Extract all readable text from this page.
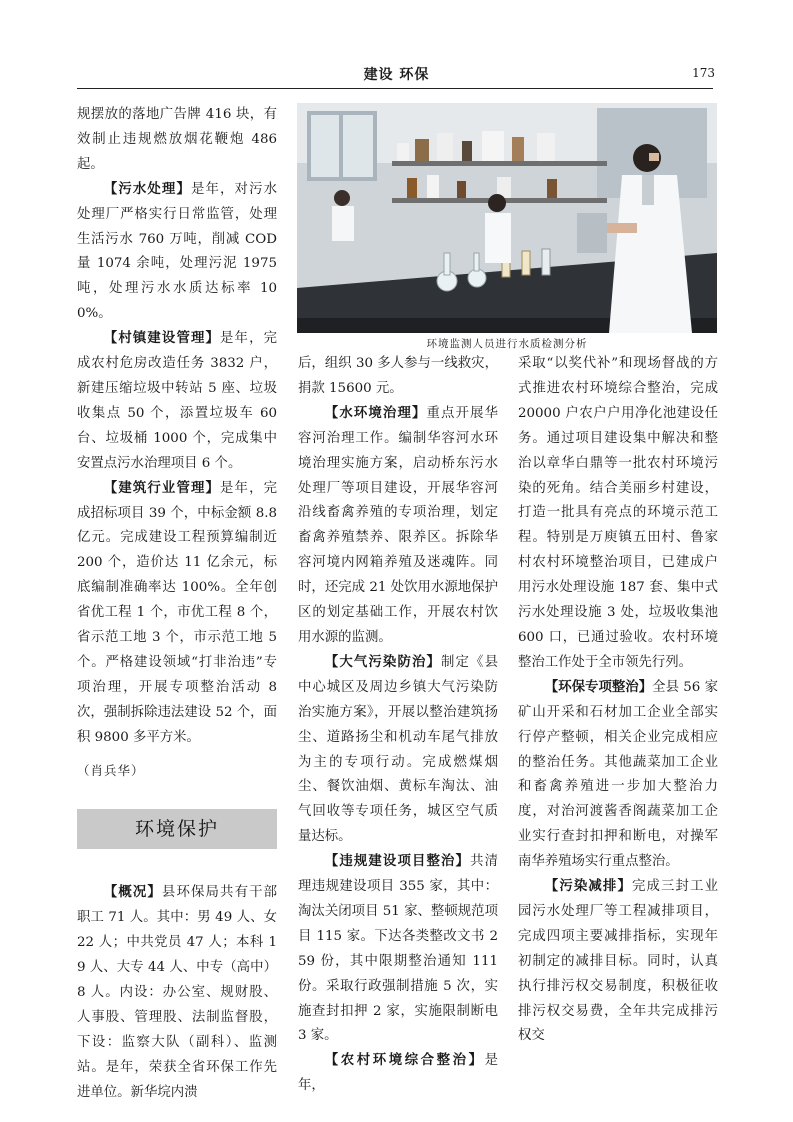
建设 环保	173

规摆放的落地广告牌 416 块，有效制止违规燃放烟花鞭炮 486 起。

【污水处理】是年，对污水处理厂严格实行日常监管，处理生活污水 760 万吨，削减 COD 量 1074 余吨，处理污泥 1975 吨，处理污水水质达标率 100%。

【村镇建设管理】是年，完成农村危房改造任务 3832 户，新建压缩垃圾中转站 5 座、垃圾收集点 50 个，添置垃圾车 60 台、垃圾桶 1000 个，完成集中安置点污水治理项目 6 个。

【建筑行业管理】是年，完成招标项目 39 个，中标金额 8.8 亿元。完成建设工程预算编制近 200 个，造价达 11 亿余元，标底编制准确率达 100%。全年创省优工程 1 个，市优工程 8 个，省示范工地 3 个，市示范工地 5 个。严格建设领域“打非治违”专项治理，开展专项整治活动 8 次，强制拆除违法建设 52 个，面积 9800 多平方米。

（肖兵华）

环境保护

【概况】县环保局共有干部职工 71 人。其中：男 49 人、女 22 人；中共党员 47 人；本科 19 人、大专 44 人、中专（高中）8 人。内设：办公室、规财股、人事股、管理股、法制监督股，下设：监察大队（副科）、监测站。是年，荣获全省环保工作先进单位。新华垸内溃

环境监测人员进行水质检测分析

后，组织 30 多人参与一线救灾，捐款 15600 元。

【水环境治理】重点开展华容河治理工作。编制华容河水环境治理实施方案，启动桥东污水处理厂等项目建设，开展华容河沿线畜禽养殖的专项治理，划定畜禽养殖禁养、限养区。拆除华容河境内网箱养殖及迷魂阵。同时，还完成 21 处饮用水源地保护区的划定基础工作，开展农村饮用水源的监测。

【大气污染防治】制定《县中心城区及周边乡镇大气污染防治实施方案》，开展以整治建筑扬尘、道路扬尘和机动车尾气排放为主的专项行动。完成燃煤烟尘、餐饮油烟、黄标车淘汰、油气回收等专项任务，城区空气质量达标。

【违规建设项目整治】共清理违规建设项目 355 家，其中：淘汰关闭项目 51 家、整顿规范项目 115 家。下达各类整改文书 259 份，其中限期整治通知 111 份。采取行政强制措施 5 次，实施查封扣押 2 家，实施限制断电 3 家。

【农村环境综合整治】是年，

采取“以奖代补”和现场督战的方式推进农村环境综合整治，完成 20000 户农户户用净化池建设任务。通过项目建设集中解决和整治以章华白鼎等一批农村环境污染的死角。结合美丽乡村建设，打造一批具有亮点的环境示范工程。特别是万庾镇五田村、鲁家村农村环境整治项目，已建成户用污水处理设施 187 套、集中式污水处理设施 3 处，垃圾收集池 600 口，已通过验收。农村环境整治工作处于全市领先行列。

【环保专项整治】全县 56 家矿山开采和石材加工企业全部实行停产整顿，相关企业完成相应的整治任务。其他蔬菜加工企业和畜禽养殖进一步加大整治力度，对治河渡酱香阁蔬菜加工企业实行查封扣押和断电，对操军南华养殖场实行重点整治。

【污染减排】完成三封工业园污水处理厂等工程减排项目，完成四项主要减排指标，实现年初制定的减排目标。同时，认真执行排污权交易制度，积极征收排污权交易费，全年共完成排污权交
